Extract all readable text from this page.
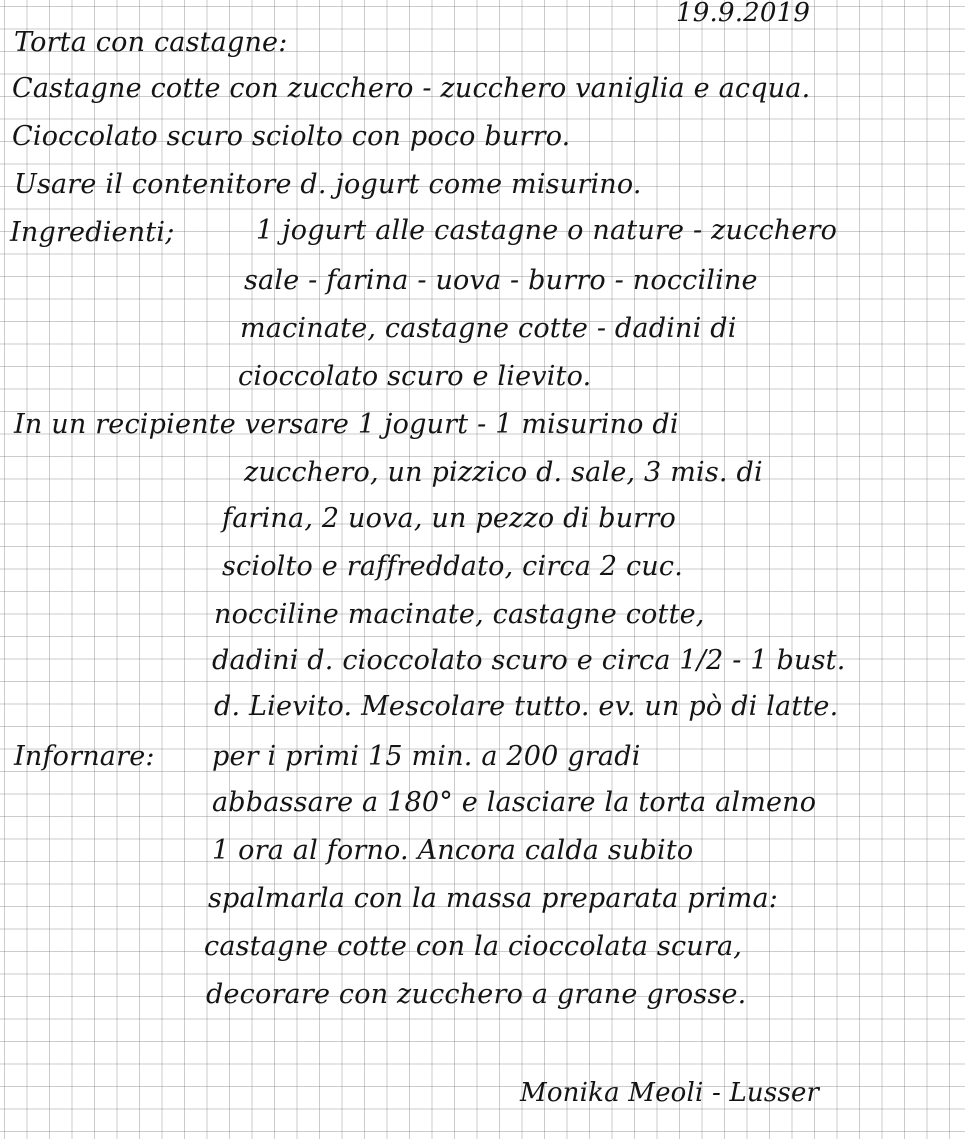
19.9.2019
Torta con castagne:
Castagne cotte con zucchero - zucchero vaniglia e acqua.
Cioccolato scuro sciolto con poco burro.
Usare il contenitore d. jogurt come misurino.
Ingredienti;	1 jogurt alle castagne o nature - zucchero
sale - farina - uova - burro - nocciline
macinate, castagne cotte - dadini di
cioccolato scuro e lievito.
In un recipiente versare 1 jogurt - 1 misurino di
zucchero, un pizzico d. sale, 3 mis. di
farina, 2 uova, un pezzo di burro
sciolto e raffreddato, circa 2 cuc.
nocciline macinate, castagne cotte,
dadini d. cioccolato scuro e circa 1/2 - 1 bust.
d. Lievito. Mescolare tutto. ev. un pò di latte.
Infornare: per i primi 15 min. a 200 gradi
abbassare a 180° e lasciare la torta almeno
1 ora al forno. Ancora calda subito
spalmarla con la massa preparata prima:
castagne cotte con la cioccolata scura,
decorare con zucchero a grane grosse.
Monika Meoli - Lusser
